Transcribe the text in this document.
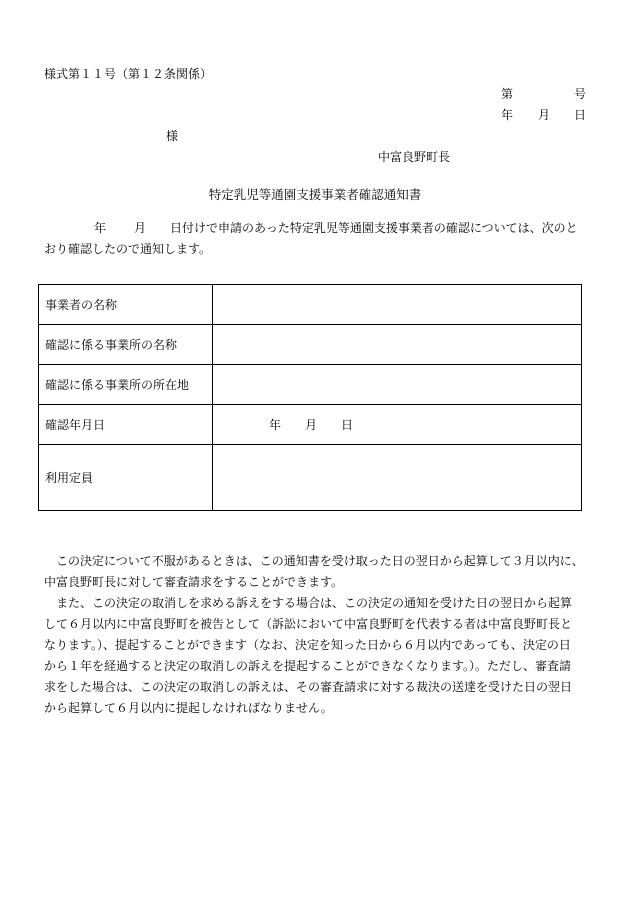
様式第１１号（第１２条関係）
第	号
年 月 日
様
中富良野町長
特定乳児等通園支援事業者確認通知書
年 月 日付けで申請のあった特定乳児等通園支援事業者の確認については、次のと
おり確認したので通知します。
事業者の名称	
確認に係る事業所の名称	
確認に係る事業所の所在地	
確認年月日	年 月 日
利用定員	
この決定について不服があるときは、この通知書を受け取った日の翌日から起算して３月以内に、
中富良野町長に対して審査請求をすることができます。
また、この決定の取消しを求める訴えをする場合は、この決定の通知を受けた日の翌日から起算
して６月以内に中富良野町を被告として（訴訟において中富良野町を代表する者は中富良野町長と
なります。）、提起することができます（なお、決定を知った日から６月以内であっても、決定の日
から１年を経過すると決定の取消しの訴えを提起することができなくなります。）。ただし、審査請
求をした場合は、この決定の取消しの訴えは、その審査請求に対する裁決の送達を受けた日の翌日
から起算して６月以内に提起しなければなりません。
